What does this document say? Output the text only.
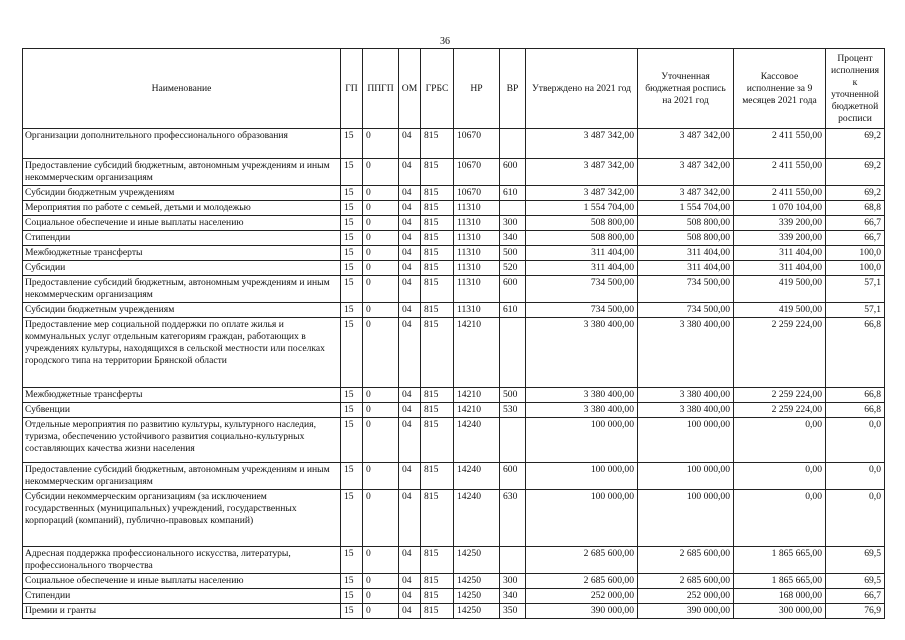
36
Наименование	ГП	ППГП	ОМ	ГРБС	НР	ВР	Утверждено на 2021 год	Уточненная бюджетная роспись на 2021 год	Кассовое исполнение за 9 месяцев 2021 года	Процент исполнения к уточненной бюджетной росписи
Организации дополнительного профессионального образования	15	0	04	815	10670		3 487 342,00	3 487 342,00	2 411 550,00	69,2
Предоставление субсидий бюджетным, автономным учреждениям и иным некоммерческим организациям	15	0	04	815	10670	600	3 487 342,00	3 487 342,00	2 411 550,00	69,2
Субсидии бюджетным учреждениям	15	0	04	815	10670	610	3 487 342,00	3 487 342,00	2 411 550,00	69,2
Мероприятия по работе с семьей, детьми и молодежью	15	0	04	815	11310		1 554 704,00	1 554 704,00	1 070 104,00	68,8
Социальное обеспечение и иные выплаты населению	15	0	04	815	11310	300	508 800,00	508 800,00	339 200,00	66,7
Стипендии	15	0	04	815	11310	340	508 800,00	508 800,00	339 200,00	66,7
Межбюджетные трансферты	15	0	04	815	11310	500	311 404,00	311 404,00	311 404,00	100,0
Субсидии	15	0	04	815	11310	520	311 404,00	311 404,00	311 404,00	100,0
Предоставление субсидий бюджетным, автономным учреждениям и иным некоммерческим организациям	15	0	04	815	11310	600	734 500,00	734 500,00	419 500,00	57,1
Субсидии бюджетным учреждениям	15	0	04	815	11310	610	734 500,00	734 500,00	419 500,00	57,1
Предоставление мер социальной поддержки по оплате жилья и коммунальных услуг отдельным категориям граждан, работающих в учреждениях культуры, находящихся в сельской местности или поселках городского типа на территории Брянской области	15	0	04	815	14210		3 380 400,00	3 380 400,00	2 259 224,00	66,8
Межбюджетные трансферты	15	0	04	815	14210	500	3 380 400,00	3 380 400,00	2 259 224,00	66,8
Субвенции	15	0	04	815	14210	530	3 380 400,00	3 380 400,00	2 259 224,00	66,8
Отдельные мероприятия по развитию культуры, культурного наследия, туризма, обеспечению устойчивого развития социально-культурных составляющих качества жизни населения	15	0	04	815	14240		100 000,00	100 000,00	0,00	0,0
Предоставление субсидий бюджетным, автономным учреждениям и иным некоммерческим организациям	15	0	04	815	14240	600	100 000,00	100 000,00	0,00	0,0
Субсидии некоммерческим организациям (за исключением государственных (муниципальных) учреждений, государственных корпораций (компаний), публично-правовых компаний)	15	0	04	815	14240	630	100 000,00	100 000,00	0,00	0,0
Адресная поддержка профессионального искусства, литературы, профессионального творчества	15	0	04	815	14250		2 685 600,00	2 685 600,00	1 865 665,00	69,5
Социальное обеспечение и иные выплаты населению	15	0	04	815	14250	300	2 685 600,00	2 685 600,00	1 865 665,00	69,5
Стипендии	15	0	04	815	14250	340	252 000,00	252 000,00	168 000,00	66,7
Премии и гранты	15	0	04	815	14250	350	390 000,00	390 000,00	300 000,00	76,9
